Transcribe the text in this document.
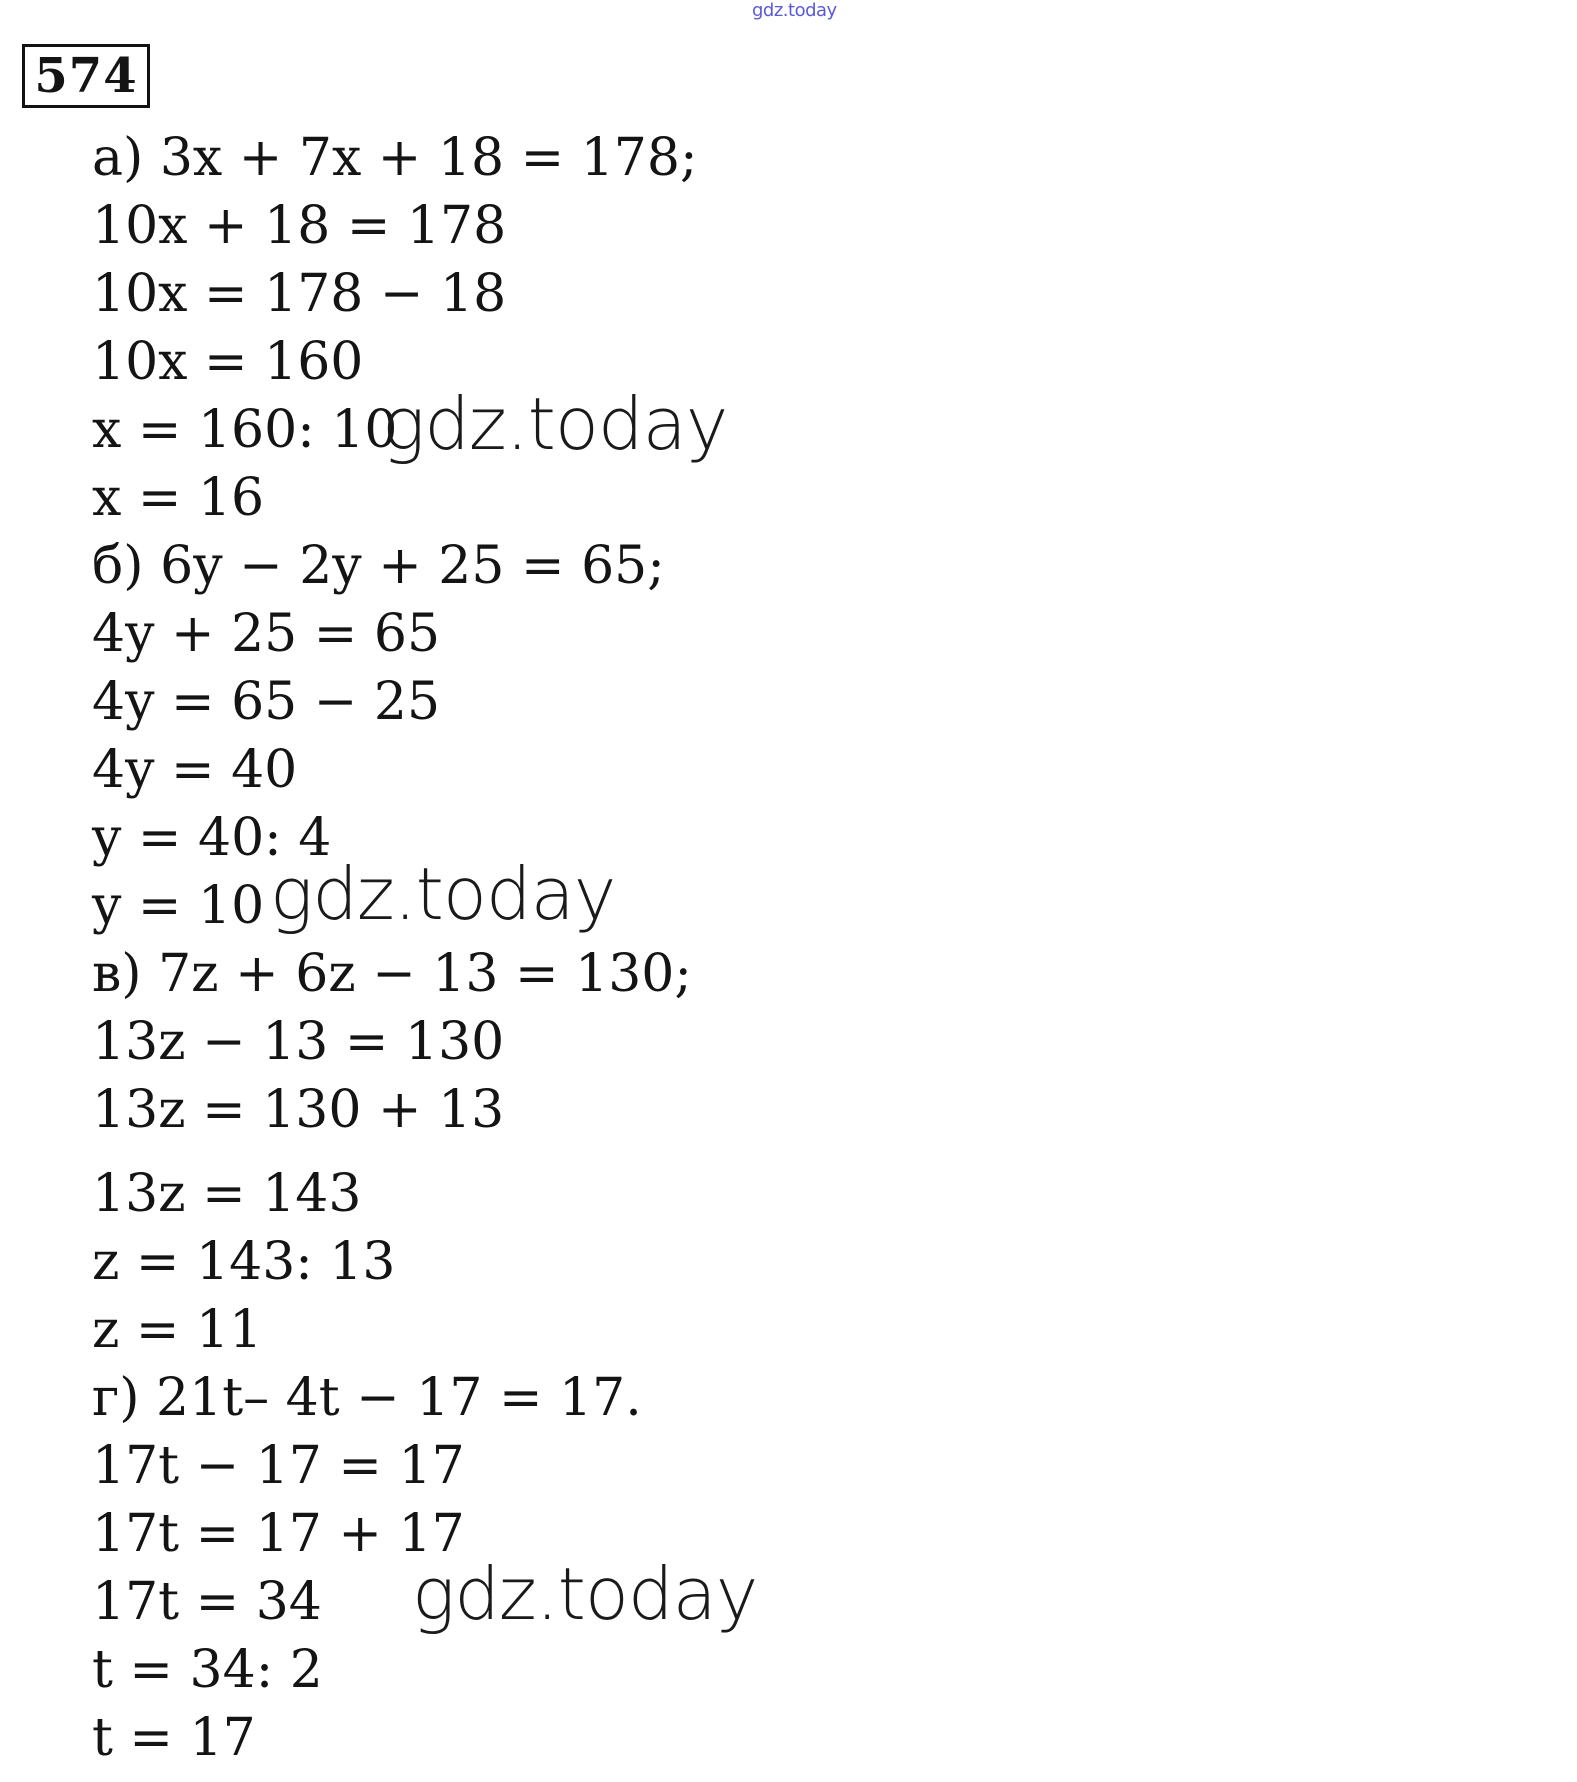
gdz.today
574
а) 3x + 7x + 18 = 178;
10x + 18 = 178
10x = 178 − 18
10x = 160
x = 160: 10
x = 16
б) 6y − 2y + 25 = 65;
4y + 25 = 65
4y = 65 − 25
4y = 40
y = 40: 4
y = 10
в) 7z + 6z − 13 = 130;
13z − 13 = 130
13z = 130 + 13
13z = 143
z = 143: 13
z = 11
г) 21t– 4t − 17 = 17.
17t − 17 = 17
17t = 17 + 17
17t = 34
t = 34: 2
t = 17
gdz.today
gdz.today
gdz.today
